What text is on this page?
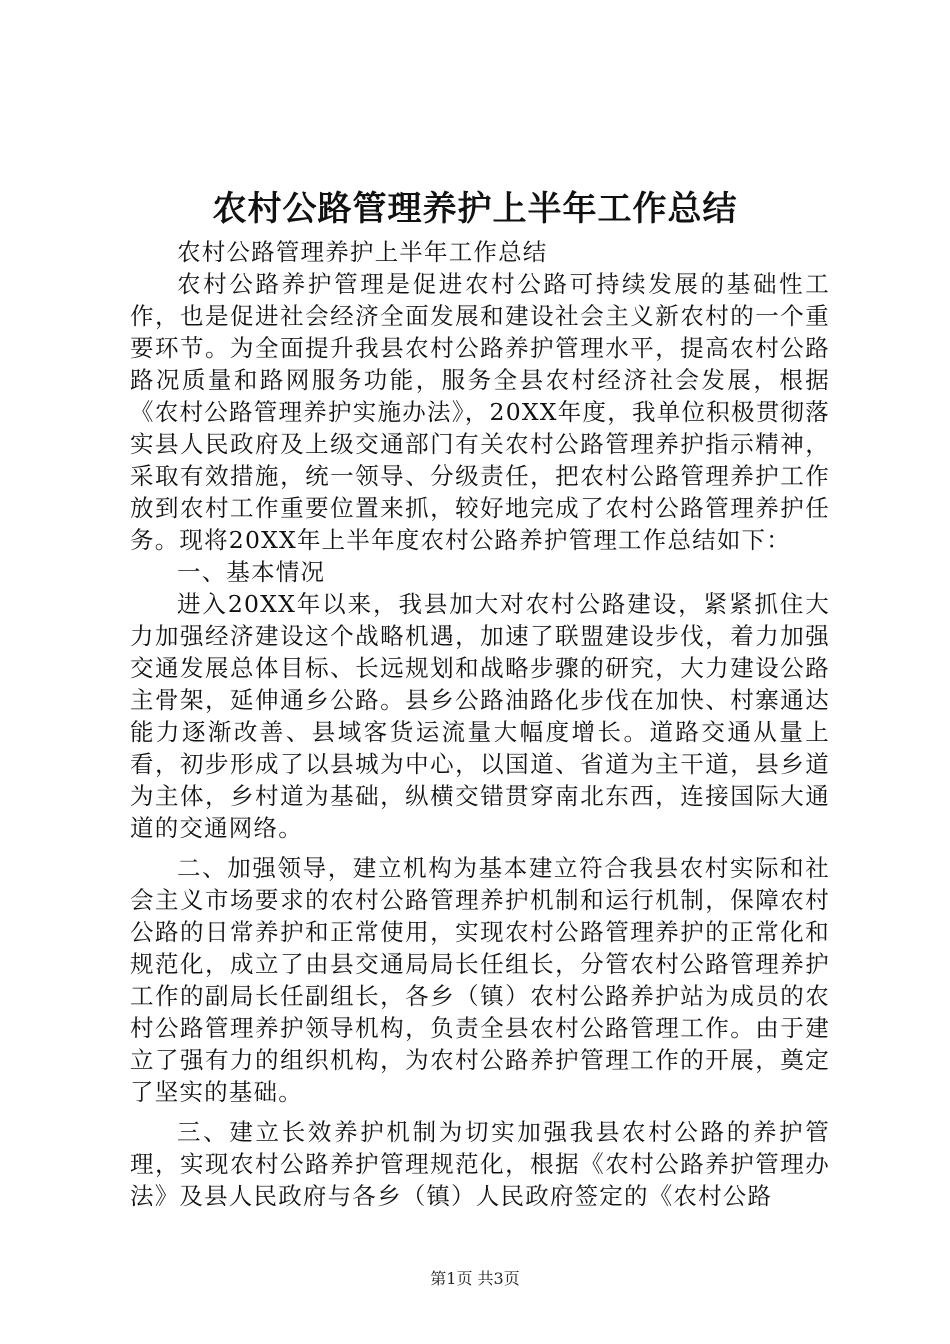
农村公路管理养护上半年工作总结

农村公路管理养护上半年工作总结

农村公路养护管理是促进农村公路可持续发展的基础性工作，也是促进社会经济全面发展和建设社会主义新农村的一个重要环节。为全面提升我县农村公路养护管理水平，提高农村公路路况质量和路网服务功能，服务全县农村经济社会发展，根据《农村公路管理养护实施办法》，20XX年度，我单位积极贯彻落实县人民政府及上级交通部门有关农村公路管理养护指示精神，采取有效措施，统一领导、分级责任，把农村公路管理养护工作放到农村工作重要位置来抓，较好地完成了农村公路管理养护任务。现将20XX年上半年度农村公路养护管理工作总结如下：

一、基本情况

进入20XX年以来，我县加大对农村公路建设，紧紧抓住大力加强经济建设这个战略机遇，加速了联盟建设步伐，着力加强交通发展总体目标、长远规划和战略步骤的研究，大力建设公路主骨架，延伸通乡公路。县乡公路油路化步伐在加快、村寨通达能力逐渐改善、县域客货运流量大幅度增长。道路交通从量上看，初步形成了以县城为中心，以国道、省道为主干道，县乡道为主体，乡村道为基础，纵横交错贯穿南北东西，连接国际大通道的交通网络。

二、加强领导，建立机构为基本建立符合我县农村实际和社会主义市场要求的农村公路管理养护机制和运行机制，保障农村公路的日常养护和正常使用，实现农村公路管理养护的正常化和规范化，成立了由县交通局局长任组长，分管农村公路管理养护工作的副局长任副组长，各乡（镇）农村公路养护站为成员的农村公路管理养护领导机构，负责全县农村公路管理工作。由于建立了强有力的组织机构，为农村公路养护管理工作的开展，奠定了坚实的基础。

三、建立长效养护机制为切实加强我县农村公路的养护管理，实现农村公路养护管理规范化，根据《农村公路养护管理办法》及县人民政府与各乡（镇）人民政府签定的《农村公路

第1页 共3页
